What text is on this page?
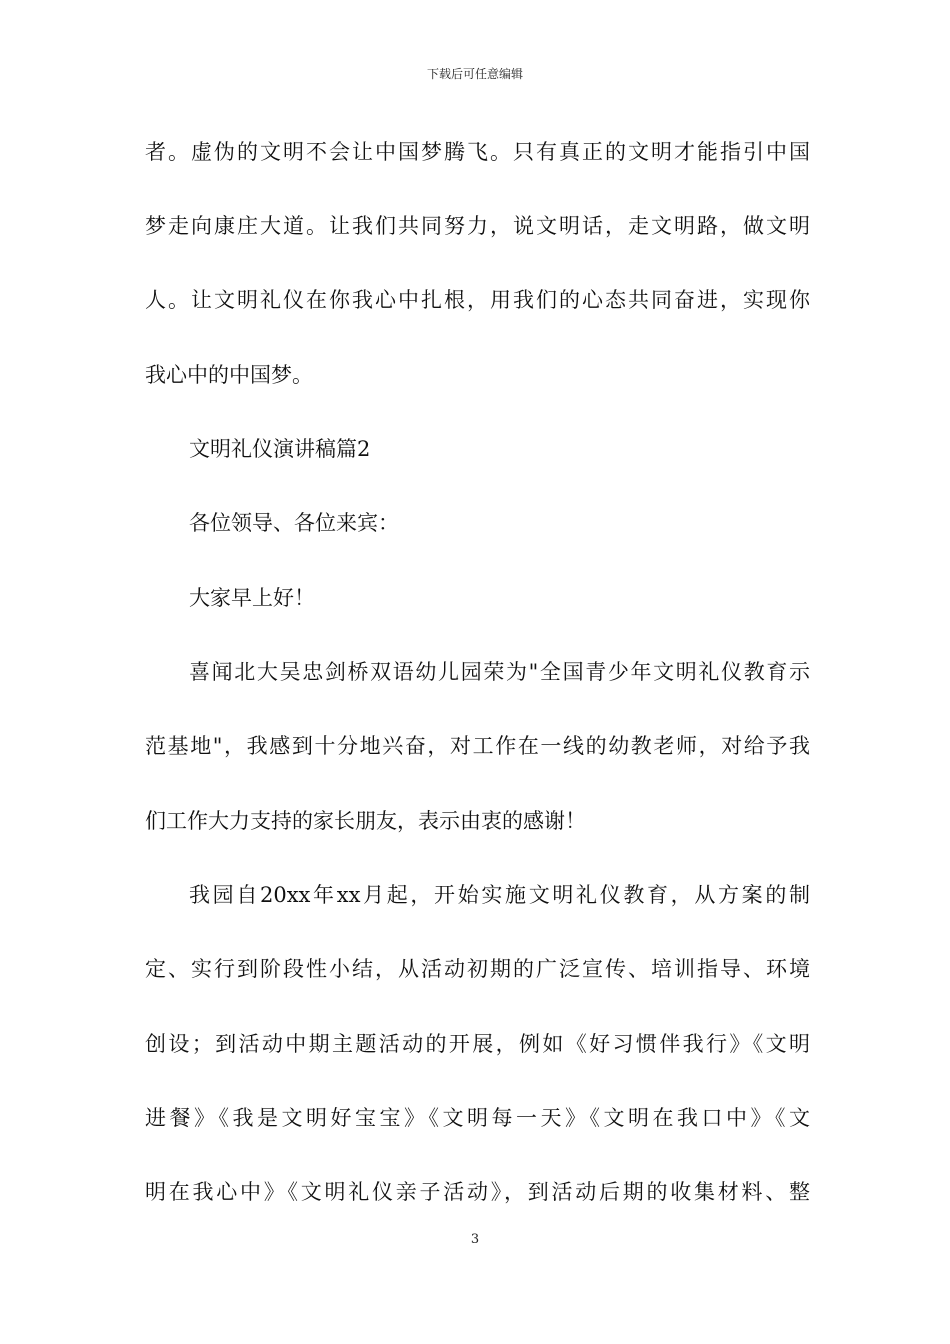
下载后可任意编辑
者。虚伪的文明不会让中国梦腾飞。只有真正的文明才能指引中国
梦走向康庄大道。让我们共同努力，说文明话，走文明路，做文明
人。让文明礼仪在你我心中扎根，用我们的心态共同奋进，实现你
我心中的中国梦。
文明礼仪演讲稿篇2
各位领导、各位来宾：
大家早上好！
喜闻北大吴忠剑桥双语幼儿园荣为"全国青少年文明礼仪教育示
范基地"，我感到十分地兴奋，对工作在一线的幼教老师，对给予我
们工作大力支持的家长朋友，表示由衷的感谢！
我园自20xx年xx月起，开始实施文明礼仪教育，从方案的制
定、实行到阶段性小结，从活动初期的广泛宣传、培训指导、环境
创设；到活动中期主题活动的开展，例如《好习惯伴我行》《文明
进餐》《我是文明好宝宝》《文明每一天》《文明在我口中》《文
明在我心中》《文明礼仪亲子活动》，到活动后期的收集材料、整
3
